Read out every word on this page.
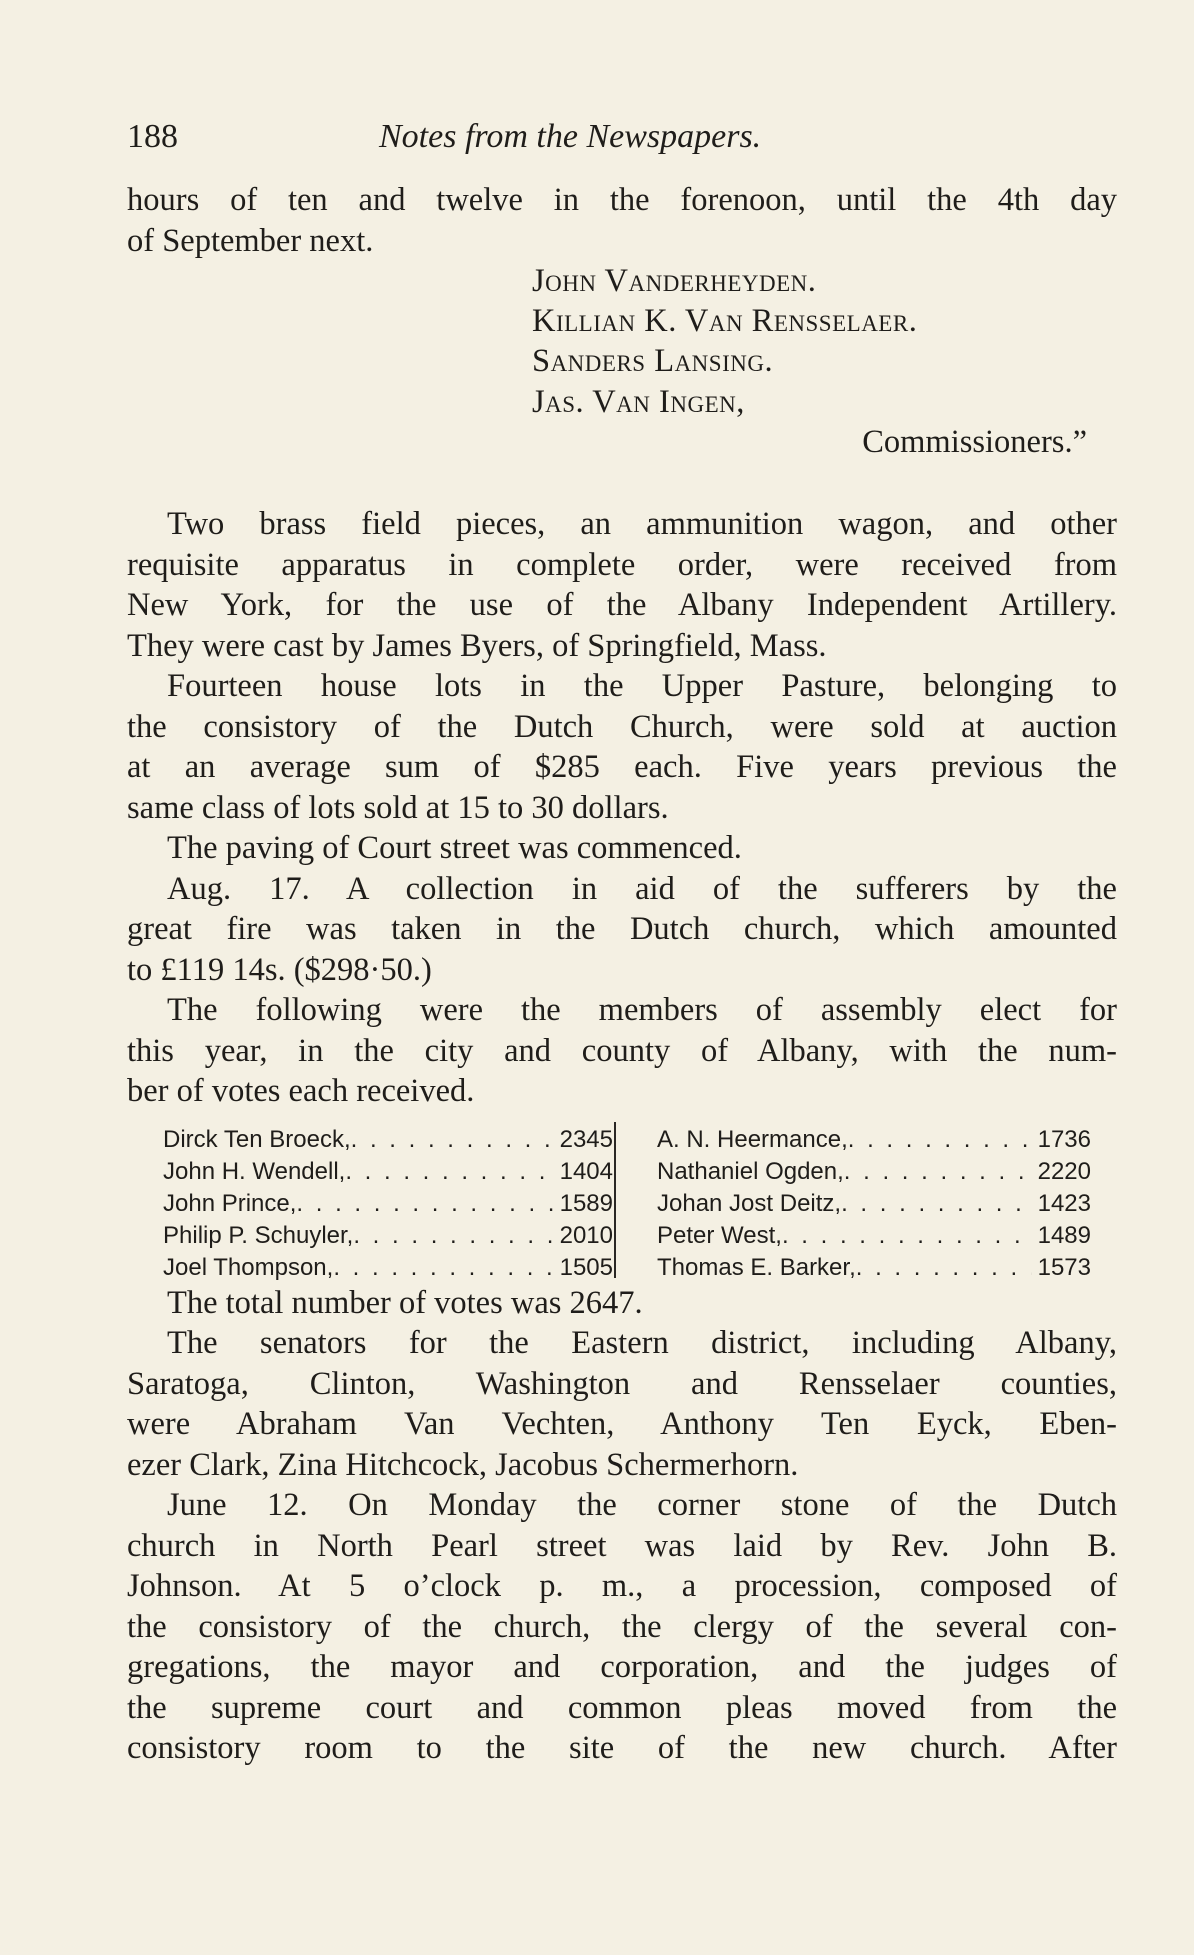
188	Notes from the Newspapers.
hours of ten and twelve in the forenoon, until the 4th day
of September next.
John Vanderheyden.
Killian K. Van Rensselaer.
Sanders Lansing.
Jas. Van Ingen,
Commissioners.”
Two brass field pieces, an ammunition wagon, and other
requisite apparatus in complete order, were received from
New York, for the use of the Albany Independent Artillery.
They were cast by James Byers, of Springfield, Mass.
Fourteen house lots in the Upper Pasture, belonging to
the consistory of the Dutch Church, were sold at auction
at an average sum of $285 each. Five years previous the
same class of lots sold at 15 to 30 dollars.
The paving of Court street was commenced.
Aug. 17. A collection in aid of the sufferers by the
great fire was taken in the Dutch church, which amounted
to £119 14s. ($298·50.)
The following were the members of assembly elect for
this year, in the city and county of Albany, with the num-
ber of votes each received.
Dirck Ten Broeck, . . .	2345
John H. Wendell, . . .	1404
John Prince, . . .	1589
Philip P. Schuyler, . . .	2010
Joel Thompson, . . .	1505
A. N. Heermance, . . .	1736
Nathaniel Ogden, . . .	2220
Johan Jost Deitz, . . .	1423
Peter West, . . .	1489
Thomas E. Barker, . . .	1573
The total number of votes was 2647.
The senators for the Eastern district, including Albany,
Saratoga, Clinton, Washington and Rensselaer counties,
were Abraham Van Vechten, Anthony Ten Eyck, Eben-
ezer Clark, Zina Hitchcock, Jacobus Schermerhorn.
June 12. On Monday the corner stone of the Dutch
church in North Pearl street was laid by Rev. John B.
Johnson. At 5 o’clock p. m., a procession, composed of
the consistory of the church, the clergy of the several con-
gregations, the mayor and corporation, and the judges of
the supreme court and common pleas moved from the
consistory room to the site of the new church. After
